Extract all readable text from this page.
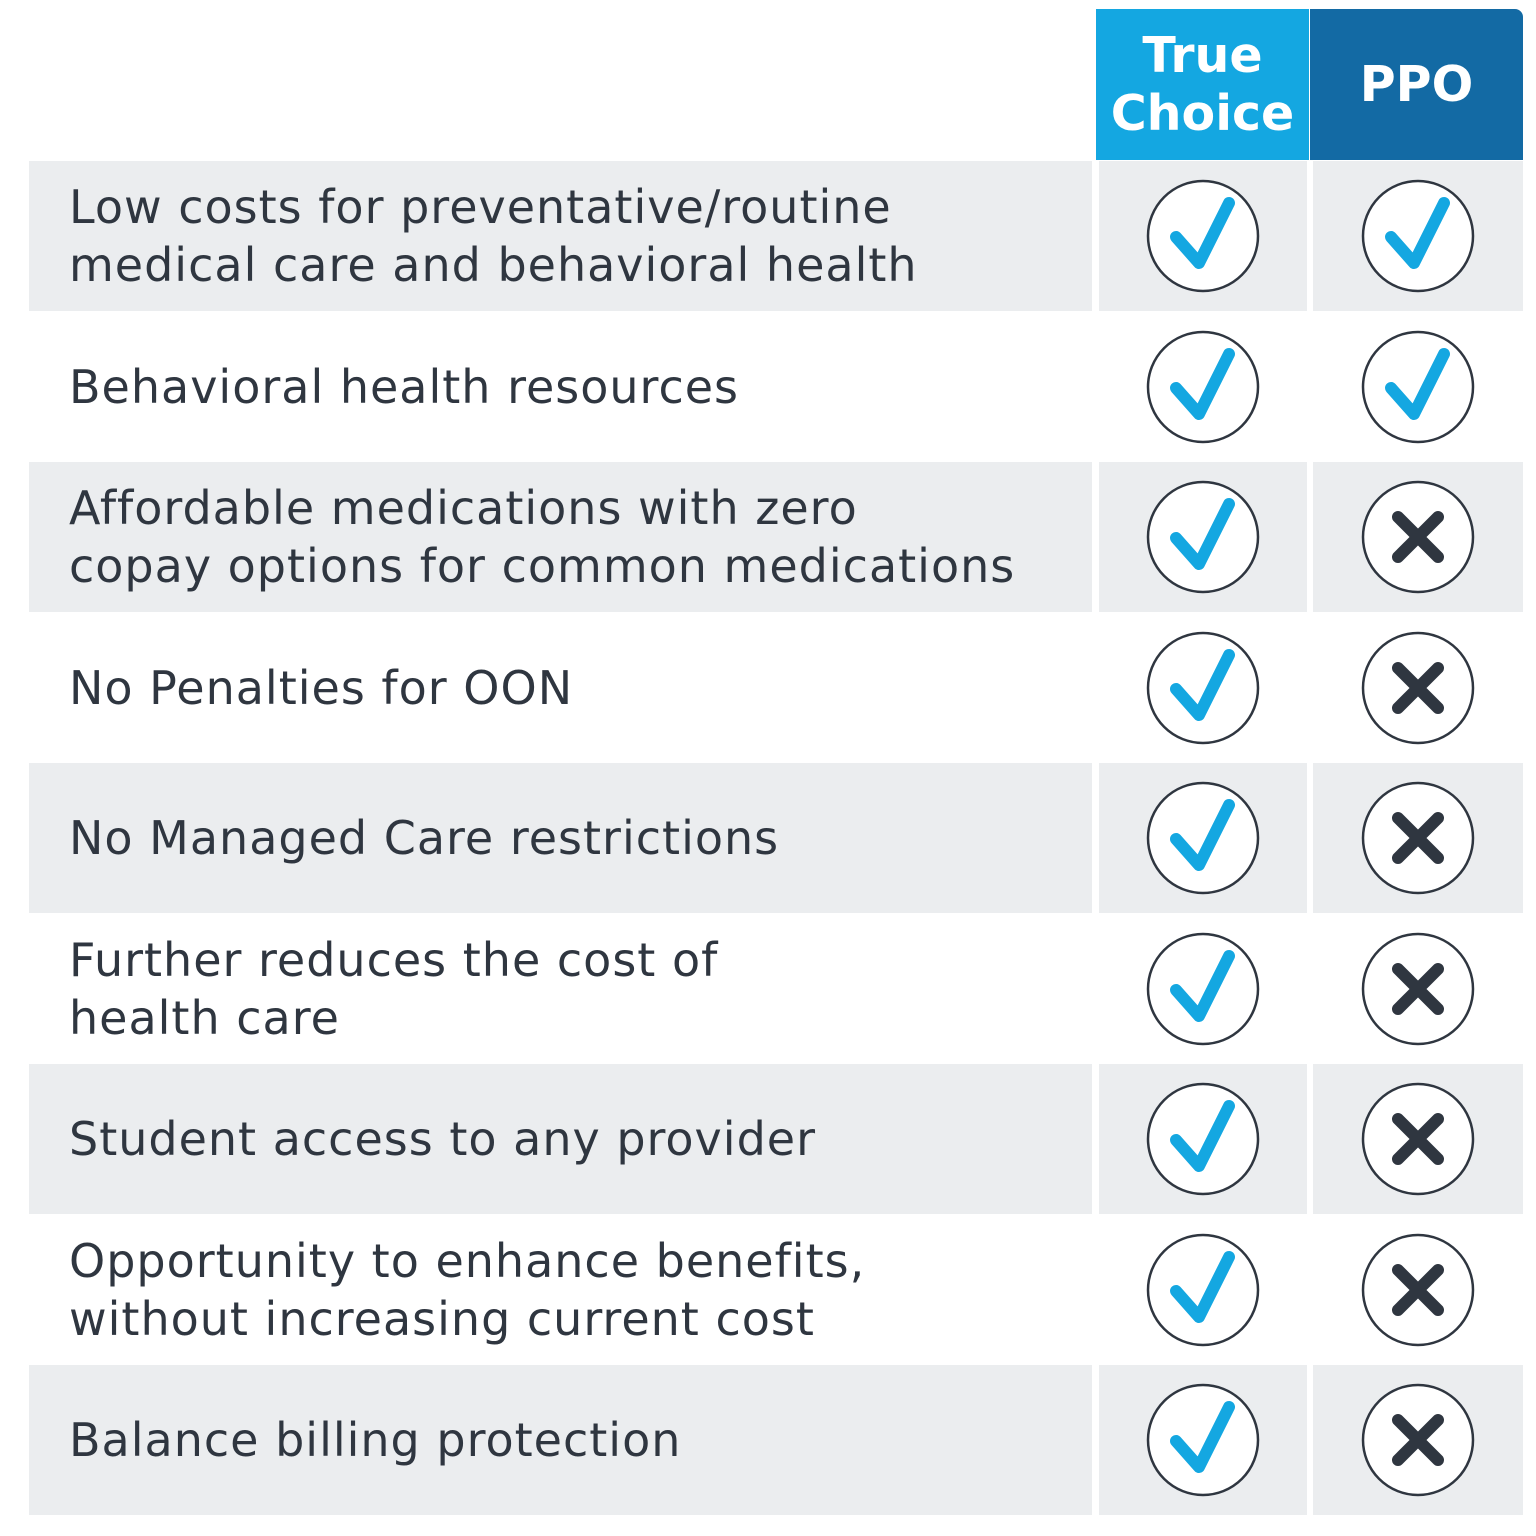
True
Choice
PPO
Low costs for preventative/routine
medical care and behavioral health
Behavioral health resources
Affordable medications with zero
copay options for common medications
No Penalties for OON
No Managed Care restrictions
Further reduces the cost of
health care
Student access to any provider
Opportunity to enhance benefits,
without increasing current cost
Balance billing protection
